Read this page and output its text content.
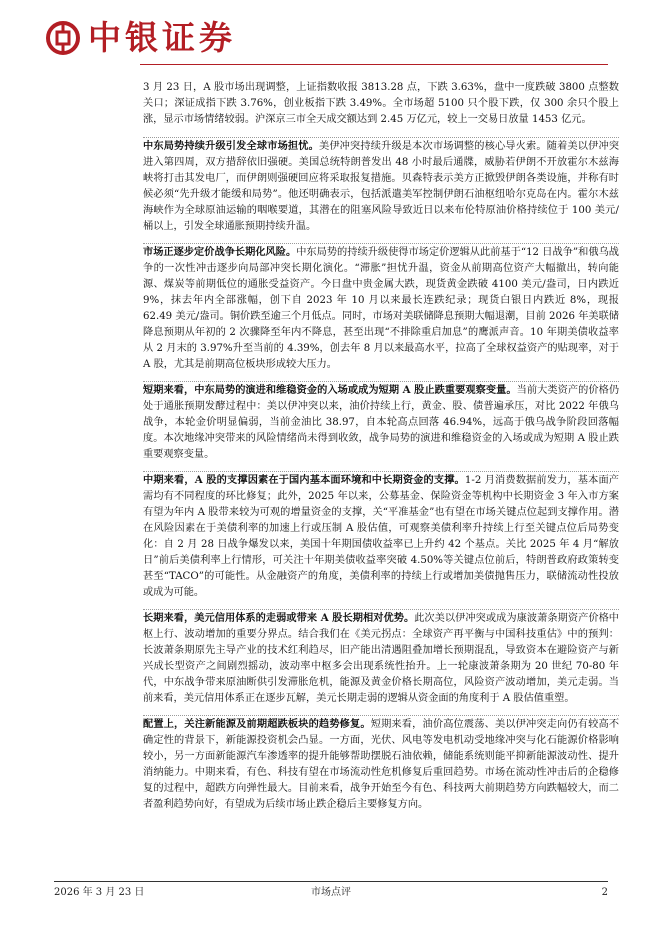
中银证券

3 月 23 日，A 股市场出现调整，上证指数收报 3813.28 点，下跌 3.63%，盘中一度跌破 3800 点整数关口；深证成指下跌 3.76%，创业板指下跌 3.49%。全市场超 5100 只个股下跌，仅 300 余只个股上涨，显示市场情绪较弱。沪深京三市全天成交额达到 2.45 万亿元，较上一交易日放量 1453 亿元。

中东局势持续升级引发全球市场担忧。美伊冲突持续升级是本次市场调整的核心导火索。随着美以伊冲突进入第四周，双方措辞依旧强硬。美国总统特朗普发出 48 小时最后通牒，威胁若伊朗不开放霍尔木兹海峡将打击其发电厂，而伊朗则强硬回应将采取报复措施。贝森特表示美方正掀毁伊朗各类设施，并称有时候必须“先升级才能缓和局势”。他还明确表示，包括派遣美军控制伊朗石油枢纽哈尔克岛在内。霍尔木兹海峡作为全球原油运输的咽喉要道，其潜在的阻塞风险导致近日以来布伦特原油价格持续位于 100 美元/桶以上，引发全球通胀预期持续升温。

市场正逐步定价战争长期化风险。中东局势的持续升级使得市场定价逻辑从此前基于“12 日战争”和俄乌战争的一次性冲击逐步向局部冲突长期化演化。“滞胀”担忧升温，资金从前期高位资产大幅撤出，转向能源、煤炭等前期低位的通胀受益资产。今日盘中贵金属大跌，现货黄金跌破 4100 美元/盎司，日内跌近 9%，抹去年内全部涨幅，创下自 2023 年 10 月以来最长连跌纪录；现货白银日内跌近 8%，现报 62.49 美元/盎司。铜价跌至逾三个月低点。同时，市场对美联储降息预期大幅退潮，目前 2026 年美联储降息预期从年初的 2 次骤降至年内不降息，甚至出现“不排除重启加息”的鹰派声音。10 年期美债收益率从 2 月末的 3.97%升至当前的 4.39%，创去年 8 月以来最高水平，拉高了全球权益资产的贴现率，对于 A 股，尤其是前期高位板块形成较大压力。

短期来看，中东局势的演进和维稳资金的入场或成为短期 A 股止跌重要观察变量。当前大类资产的价格仍处于通胀预期发酵过程中：美以伊冲突以来，油价持续上行，黄金、股、债普遍承压，对比 2022 年俄乌战争，本轮金价明显偏弱，当前金油比 38.97，自本轮高点回落 46.94%，远高于俄乌战争阶段回落幅度。本次地缘冲突带来的风险情绪尚未得到收敛，战争局势的演进和维稳资金的入场或成为短期 A 股止跌重要观察变量。

中期来看，A 股的支撑因素在于国内基本面环境和中长期资金的支撑。1-2 月消费数据前发力，基本面产需均有不同程度的环比修复；此外，2025 年以来，公募基金、保险资金等机构中长期资金 3 年入市方案有望为年内 A 股带来较为可观的增量资金的支撑，关“平准基金”也有望在市场关键点位起到支撑作用。潜在风险因素在于美债利率的加速上行或压制 A 股估值，可观察美债利率升持续上行至关键点位后局势变化：自 2 月 28 日战争爆发以来，美国十年期国债收益率已上升约 42 个基点。关比 2025 年 4 月“解放日”前后美债利率上行情形，可关注十年期美债收益率突破 4.50%等关键点位前后，特朗普政府政策转变甚至“TACO”的可能性。从金融资产的角度，美债利率的持续上行或增加美债抛售压力，联储流动性投放或成为可能。

长期来看，美元信用体系的走弱或带来 A 股长期相对优势。此次美以伊冲突或成为康波萧条期资产价格中枢上行、波动增加的重要分界点。结合我们在《美元拐点：全球资产再平衡与中国科技重估》中的预判：长波萧条期原先主导产业的技术红利趋尽，旧产能出清遇阻叠加增长预期混乱，导致资本在避险资产与新兴成长型资产之间剧烈摇动，波动率中枢多会出现系统性抬升。上一轮康波萧条期为 20 世纪 70-80 年代，中东战争带来原油断供引发滞胀危机，能源及黄金价格长期高位，风险资产波动增加，美元走弱。当前来看，美元信用体系正在逐步瓦解，美元长期走弱的逻辑从资金面的角度利于 A 股估值重塑。

配置上，关注新能源及前期超跌板块的趋势修复。短期来看，油价高位震荡、美以伊冲突走向仍有较高不确定性的背景下，新能源投资机会凸显。一方面，光伏、风电等发电机动受地缘冲突与化石能源价格影响较小，另一方面新能源汽车渗透率的提升能够帮助摆脱石油依赖，储能系统则能平抑新能源波动性、提升消纳能力。中期来看，有色、科技有望在市场流动性危机修复后重回趋势。市场在流动性冲击后的企稳修复的过程中，超跌方向弹性最大。目前来看，战争开始至今有色、科技两大前期趋势方向跌幅较大，而二者盈利趋势向好，有望成为后续市场止跌企稳后主要修复方向。

2026 年 3 月 23 日	市场点评	2
